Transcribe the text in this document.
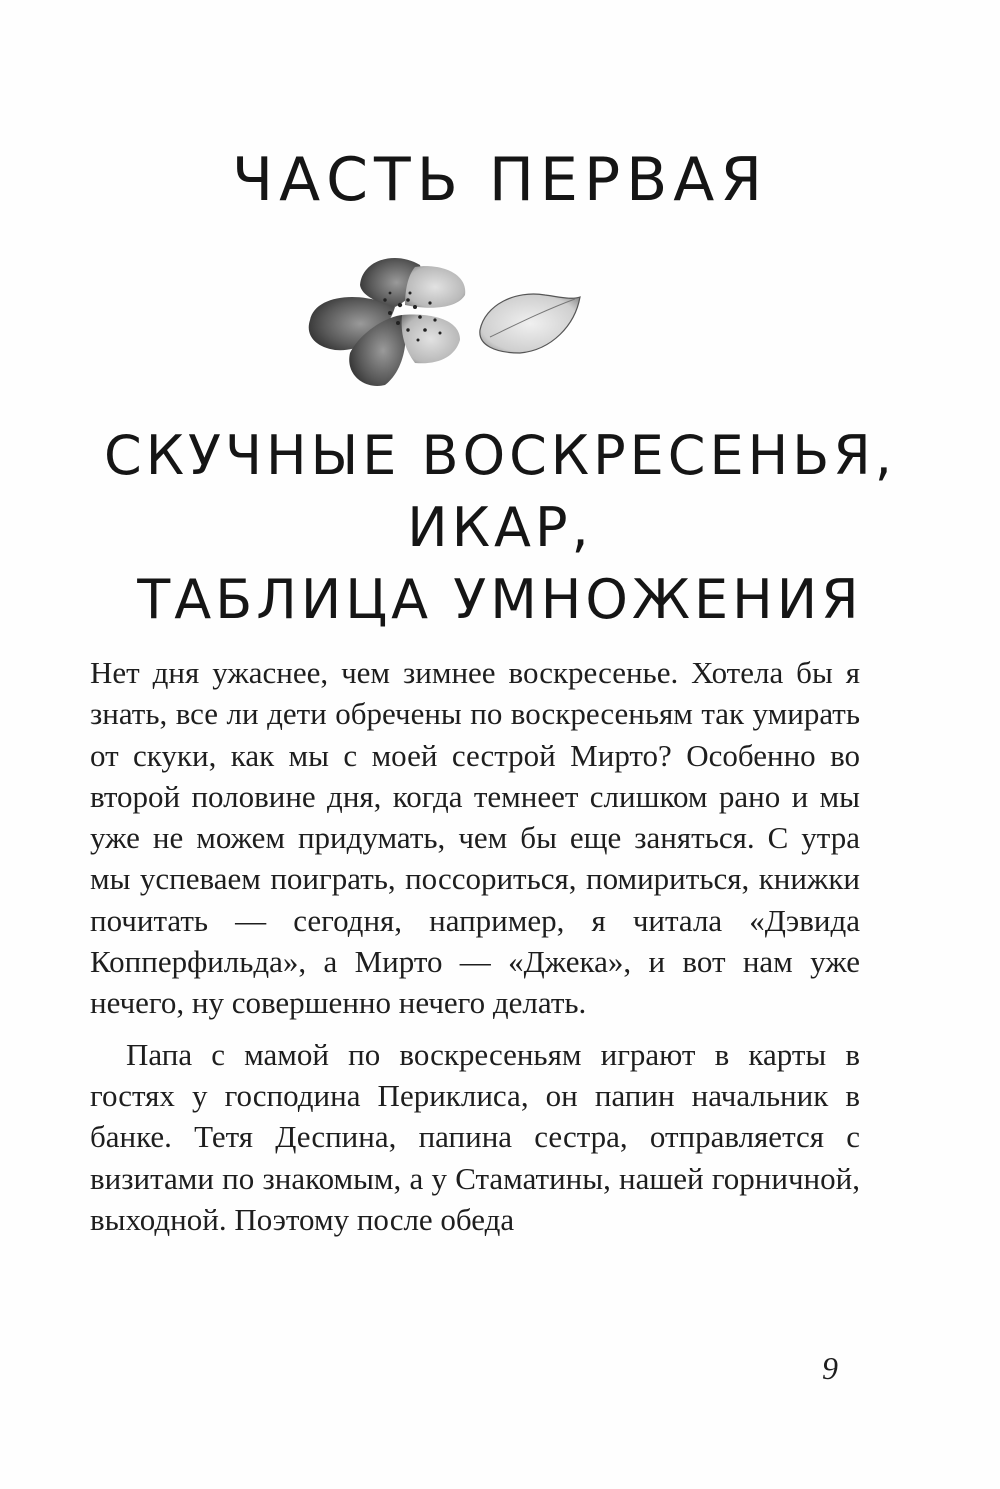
ЧАСТЬ ПЕРВАЯ
СКУЧНЫЕ ВОСКРЕСЕНЬЯ,
ИКАР,
ТАБЛИЦА УМНОЖЕНИЯ

Нет дня ужаснее, чем зимнее воскресенье. Хотела бы я знать, все ли дети обречены по воскресеньям так умирать от скуки, как мы с моей сестрой Мирто? Особенно во второй половине дня, когда темнеет слишком рано и мы уже не можем придумать, чем бы еще заняться. С утра мы успеваем поиграть, поссориться, помириться, книжки почитать — сегодня, например, я читала «Дэвида Копперфильда», а Мирто — «Джека», и вот нам уже нечего, ну совершенно нечего делать.

Папа с мамой по воскресеньям играют в карты в гостях у господина Периклиса, он папин начальник в банке. Тетя Деспина, папина сестра, отправляется с визитами по знакомым, а у Стаматины, нашей горничной, выходной. Поэтому после обеда

9
